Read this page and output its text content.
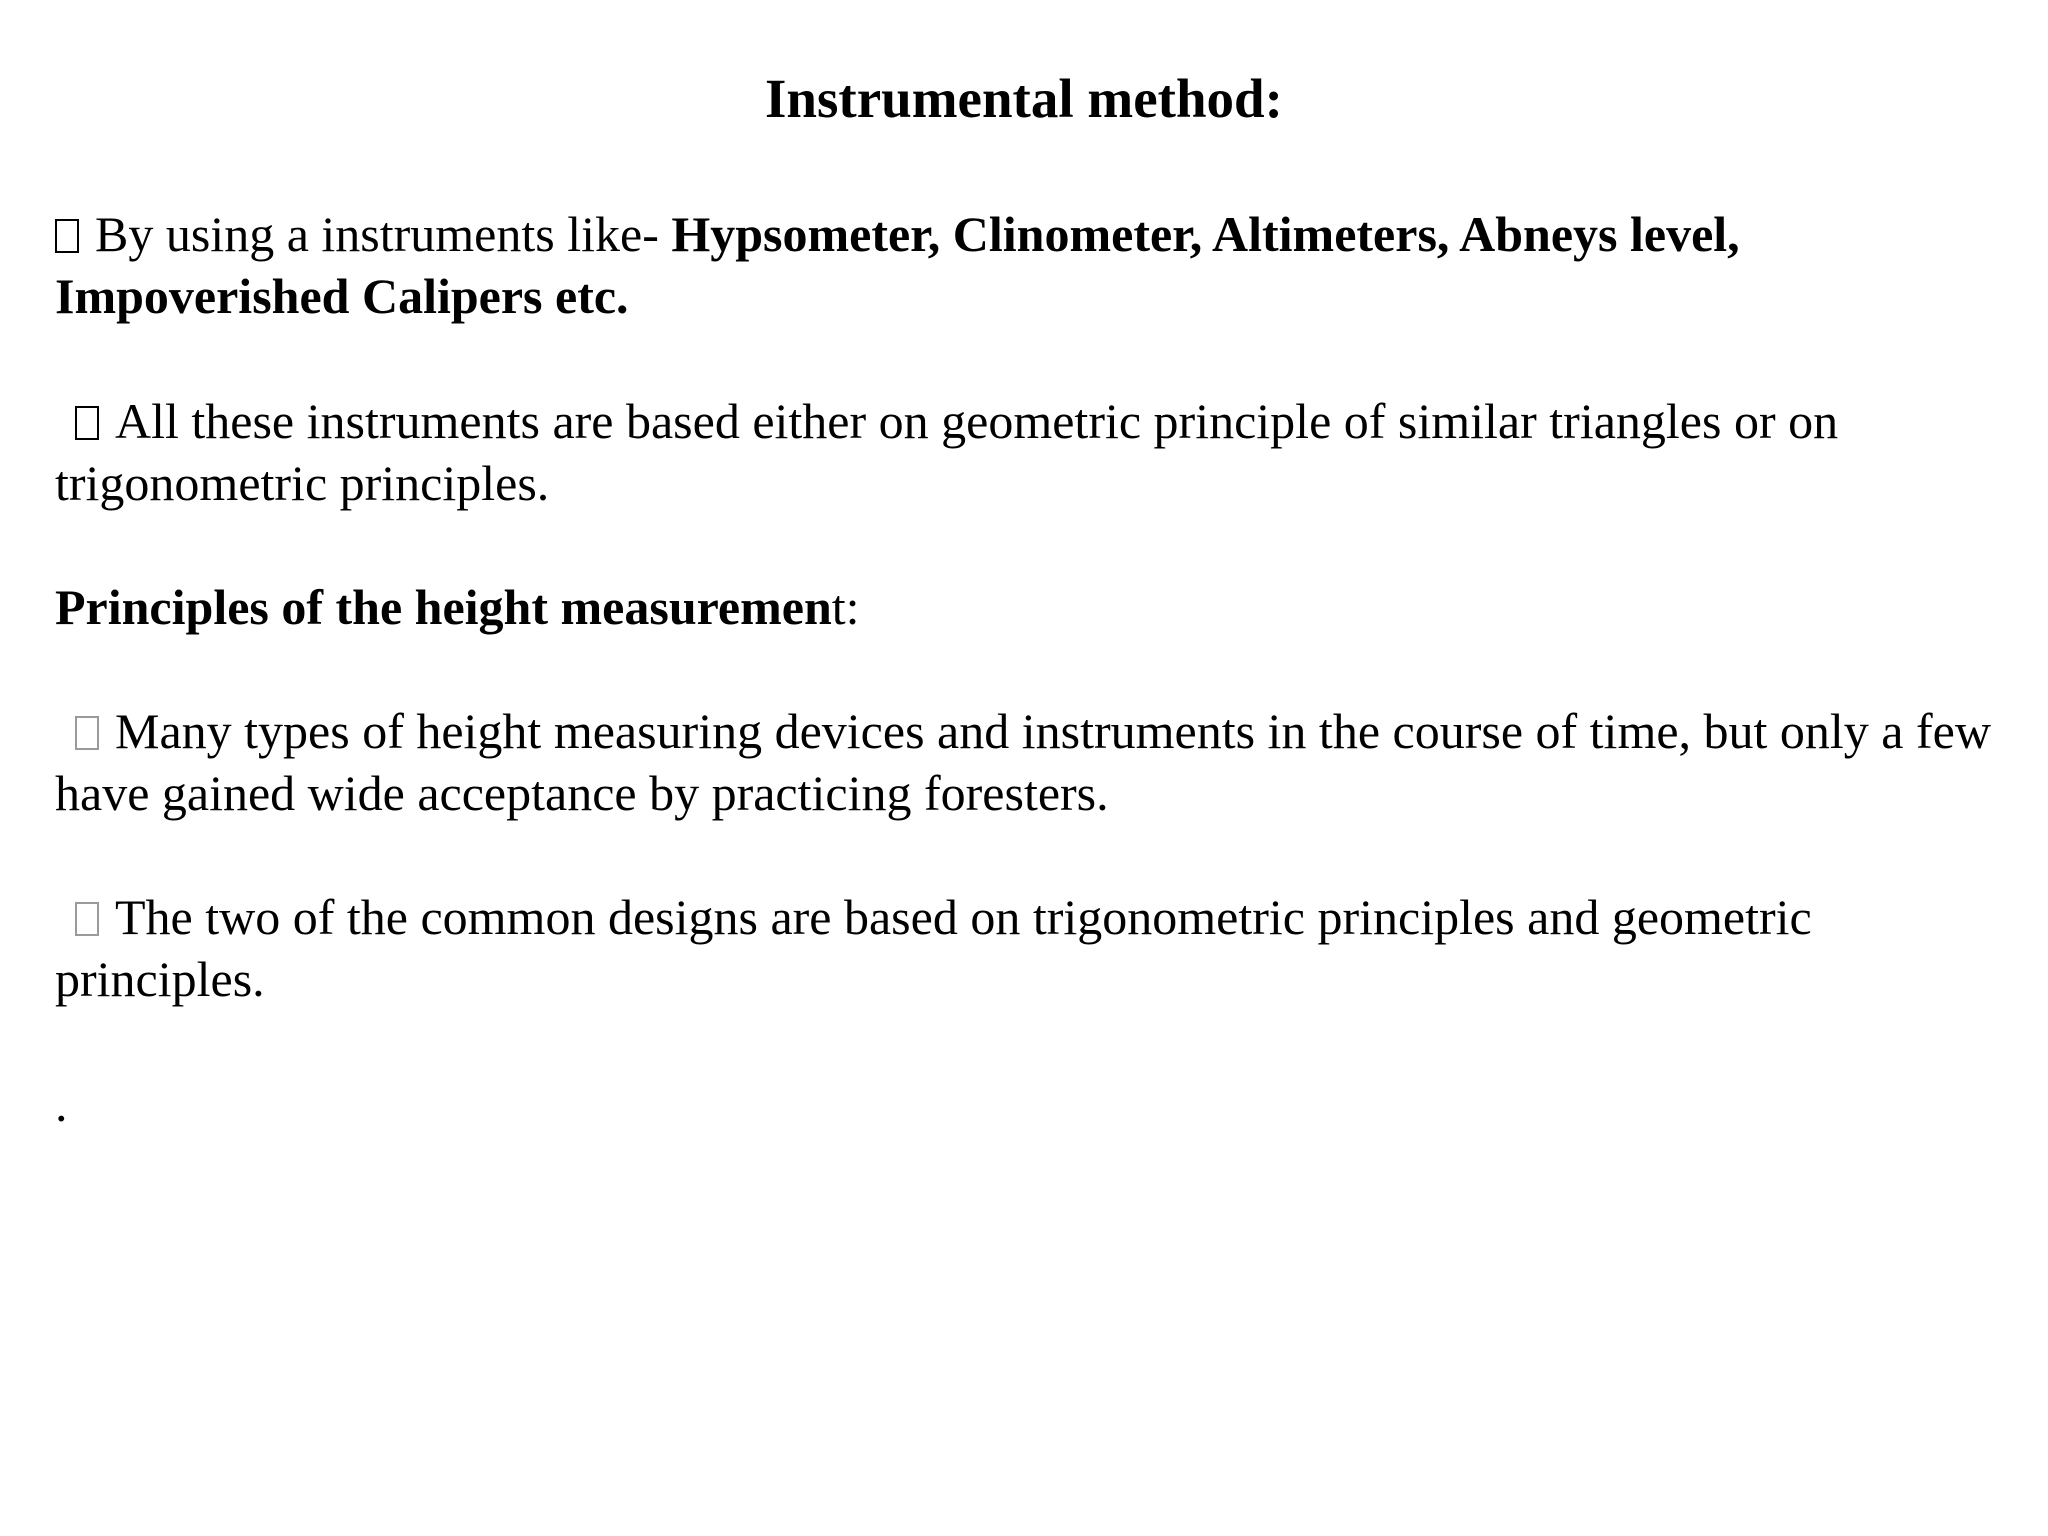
Instrumental method:
By using a instruments like- Hypsometer, Clinometer, Altimeters, Abneys level, Impoverished Calipers etc.
All these instruments are based either on geometric principle of similar triangles or on trigonometric principles.
Principles of the height measurement:
Many types of height measuring devices and instruments in the course of time, but only a few have gained wide acceptance by practicing foresters.
The two of the common designs are based on trigonometric principles and geometric principles.
.
